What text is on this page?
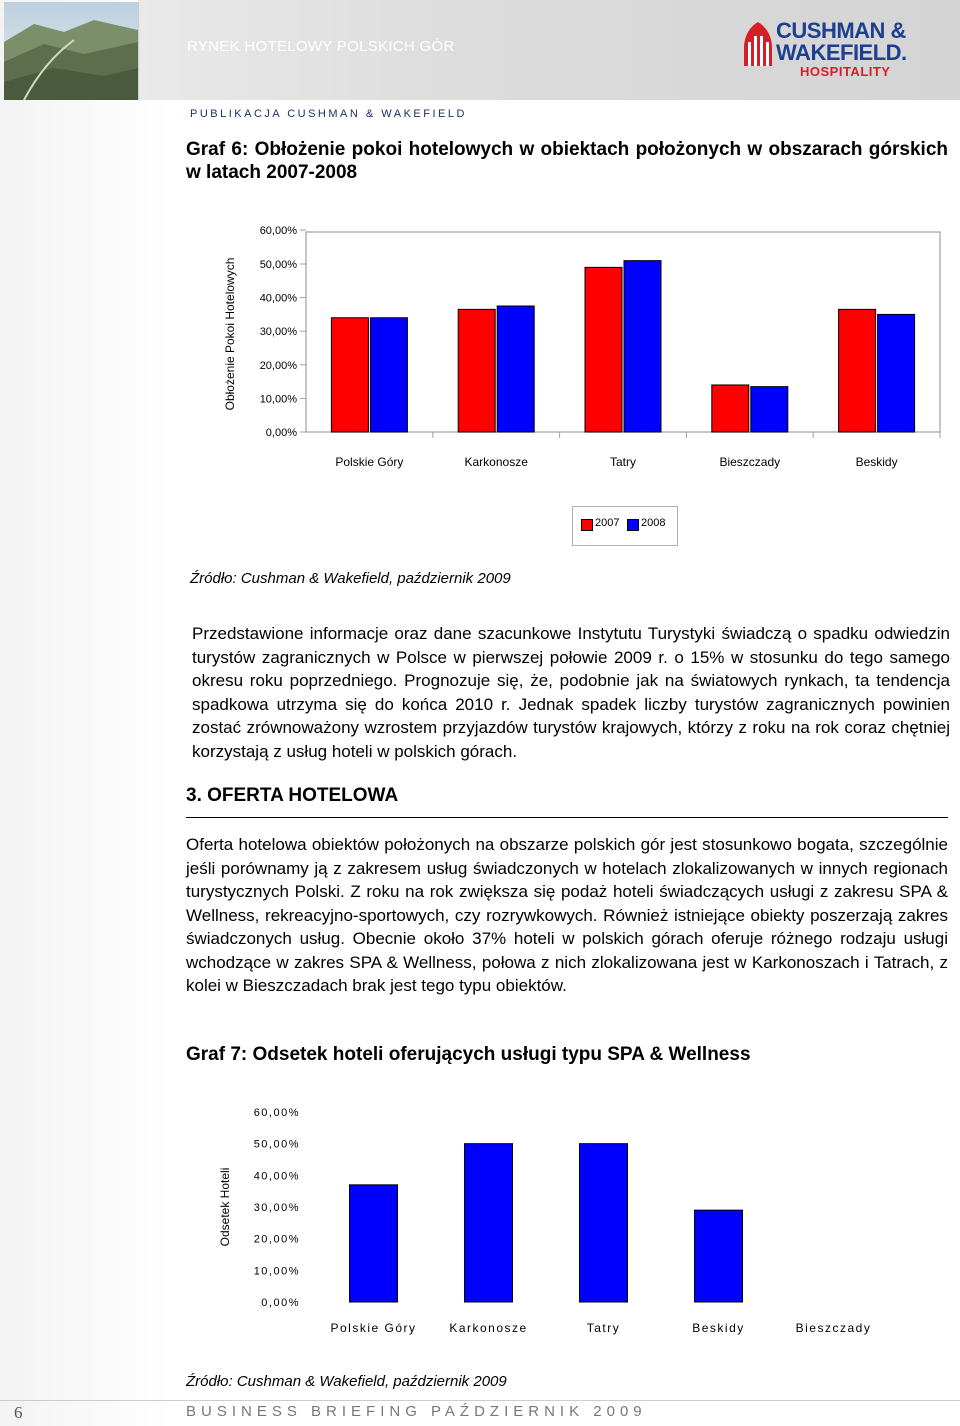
RYNEK HOTELOWY POLSKICH GÓR
CUSHMAN &
WAKEFIELD.
HOSPITALITY
PUBLIKACJA CUSHMAN & WAKEFIELD
Graf 6: Obłożenie pokoi hotelowych w obiektach położonych w obszarach górskich w latach 2007-2008
Obłożenie Pokoi Hotelowych
0,00%
10,00%
20,00%
30,00%
40,00%
50,00%
60,00%
Polskie Góry	Karkonosze	Tatry	Bieszczady	Beskidy
2007 2008
Źródło: Cushman & Wakefield, październik 2009
Przedstawione informacje oraz dane szacunkowe Instytutu Turystyki świadczą o spadku odwiedzin turystów zagranicznych w Polsce w pierwszej połowie 2009 r. o 15% w stosunku do tego samego okresu roku poprzedniego. Prognozuje się, że, podobnie jak na światowych rynkach, ta tendencja spadkowa utrzyma się do końca 2010 r. Jednak spadek liczby turystów zagranicznych powinien zostać zrównoważony wzrostem przyjazdów turystów krajowych, którzy z roku na rok coraz chętniej korzystają z usług hoteli w polskich górach.
3. OFERTA HOTELOWA
Oferta hotelowa obiektów położonych na obszarze polskich gór jest stosunkowo bogata, szczególnie jeśli porównamy ją z zakresem usług świadczonych w hotelach zlokalizowanych w innych regionach turystycznych Polski. Z roku na rok zwiększa się podaż hoteli świadczących usługi z zakresu SPA & Wellness, rekreacyjno-sportowych, czy rozrywkowych. Również istniejące obiekty poszerzają zakres świadczonych usług. Obecnie około 37% hoteli w polskich górach oferuje różnego rodzaju usługi wchodzące w zakres SPA & Wellness, połowa z nich zlokalizowana jest w Karkonoszach i Tatrach, z kolei w Bieszczadach brak jest tego typu obiektów.
Graf 7: Odsetek hoteli oferujących usługi typu SPA & Wellness
Odsetek Hoteli
0,00%
10,00%
20,00%
30,00%
40,00%
50,00%
60,00%
Polskie Góry	Karkonosze	Tatry	Beskidy	Bieszczady
Źródło: Cushman & Wakefield, październik 2009
6	BUSINESS BRIEFING PAŹDZIERNIK 2009
